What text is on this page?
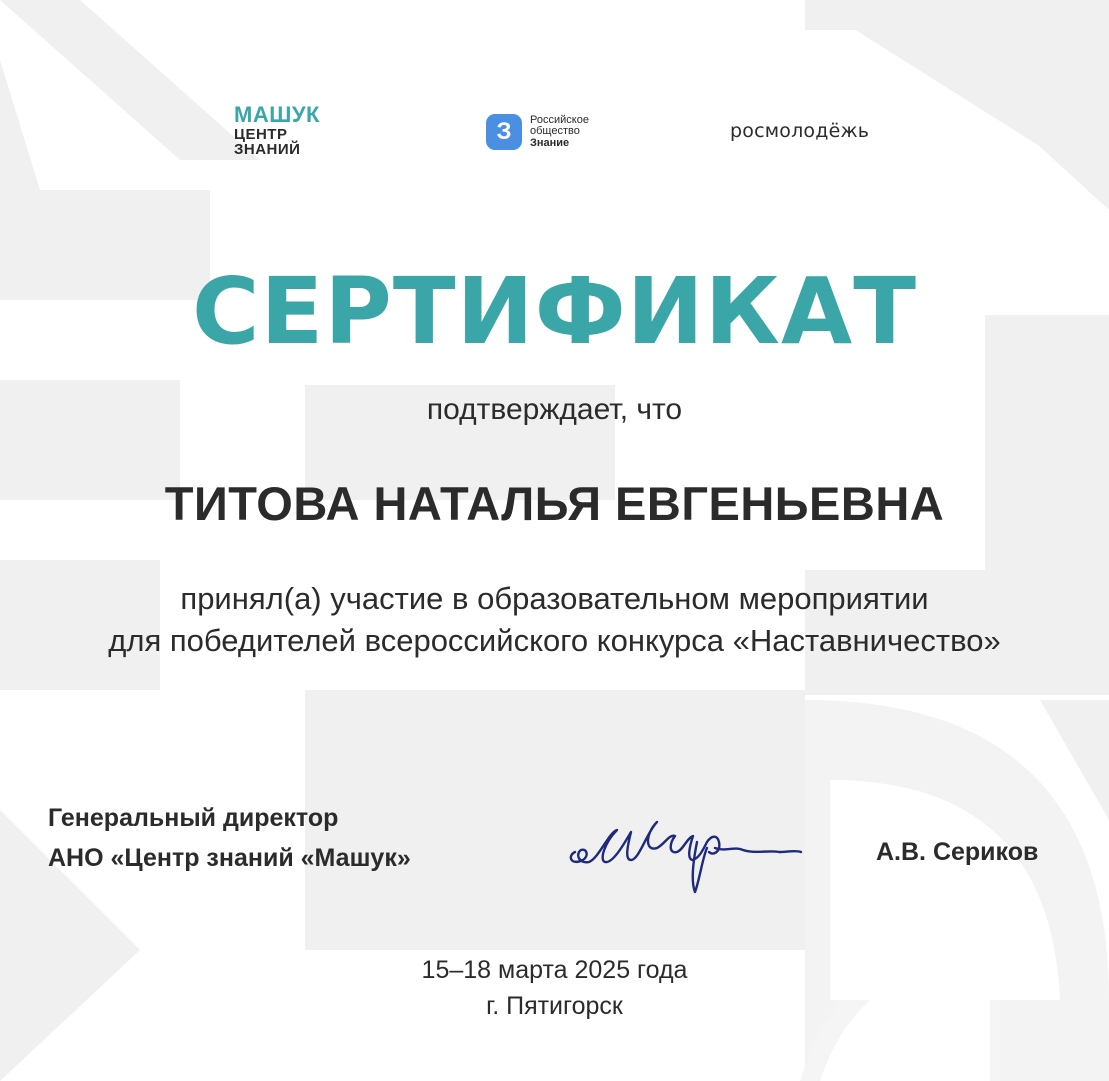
МАШУК
ЦЕНТР
ЗНАНИЙ
З	Российское
общество
Знание
росмолодёжь
СЕРТИФИКАТ
подтверждает, что
ТИТОВА НАТАЛЬЯ ЕВГЕНЬЕВНА
принял(а) участие в образовательном мероприятии
для победителей всероссийского конкурса «Наставничество»
Генеральный директор
АНО «Центр знаний «Машук»	А.В. Сериков
15–18 марта 2025 года
г. Пятигорск
